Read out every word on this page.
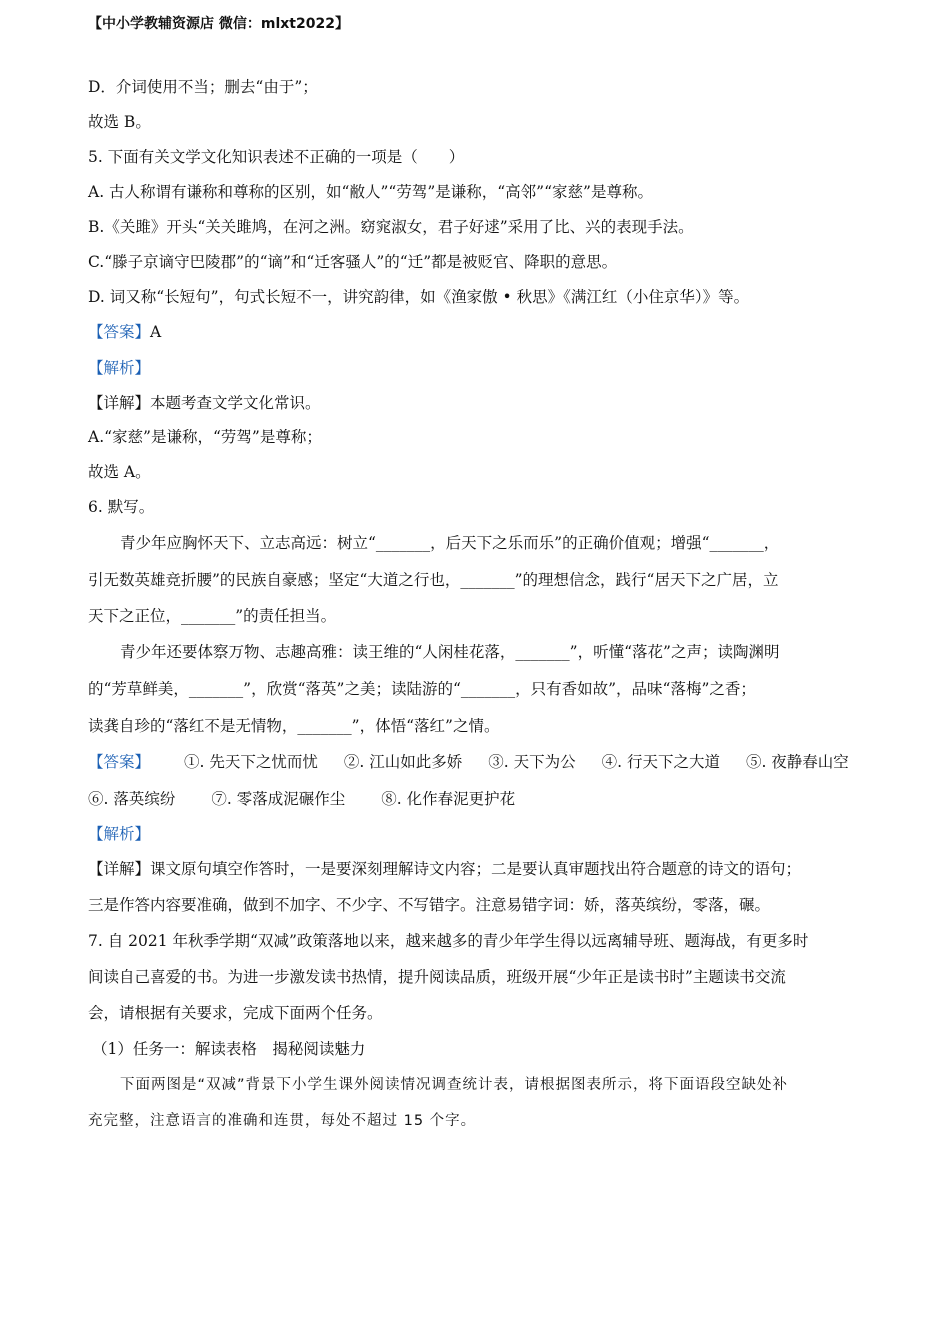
【中小学教辅资源店 微信：mlxt2022】
D．介词使用不当；删去“由于”；
故选 B。
5. 下面有关文学文化知识表述不正确的一项是（　　）
A. 古人称谓有谦称和尊称的区别，如“敝人”“劳驾”是谦称，“高邻”“家慈”是尊称。
B.《关雎》开头“关关雎鸠，在河之洲。窈窕淑女，君子好逑”采用了比、兴的表现手法。
C.“滕子京谪守巴陵郡”的“谪”和“迁客骚人”的“迁”都是被贬官、降职的意思。
D. 词又称“长短句”，句式长短不一，讲究韵律，如《渔家傲 • 秋思》《满江红（小住京华）》等。
【答案】A
【解析】
【详解】本题考查文学文化常识。
A.“家慈”是谦称，“劳驾”是尊称；
故选 A。
6. 默写。
青少年应胸怀天下、立志高远：树立“_______，后天下之乐而乐”的正确价值观；增强“_______，
引无数英雄竞折腰”的民族自豪感；坚定“大道之行也，_______”的理想信念，践行“居天下之广居，立
天下之正位，_______”的责任担当。
青少年还要体察万物、志趣高雅：读王维的“人闲桂花落，_______”，听懂“落花”之声；读陶渊明
的“芳草鲜美，_______”，欣赏“落英”之美；读陆游的“_______，只有香如故”，品味“落梅”之香；
读龚自珍的“落红不是无情物，_______”，体悟“落红”之情。
【答案】 ①. 先天下之忧而忧 ②. 江山如此多娇 ③. 天下为公 ④. 行天下之大道 ⑤. 夜静春山空
⑥. 落英缤纷 ⑦. 零落成泥碾作尘 ⑧. 化作春泥更护花
【解析】
【详解】课文原句填空作答时，一是要深刻理解诗文内容；二是要认真审题找出符合题意的诗文的语句；
三是作答内容要准确，做到不加字、不少字、不写错字。注意易错字词：娇，落英缤纷，零落，碾。
7. 自 2021 年秋季学期“双减”政策落地以来，越来越多的青少年学生得以远离辅导班、题海战，有更多时
间读自己喜爱的书。为进一步激发读书热情，提升阅读品质，班级开展“少年正是读书时”主题读书交流
会，请根据有关要求，完成下面两个任务。
（1）任务一：解读表格　揭秘阅读魅力
下面两图是“双减”背景下小学生课外阅读情况调查统计表，请根据图表所示，将下面语段空缺处补
充完整，注意语言的准确和连贯，每处不超过 15 个字。
